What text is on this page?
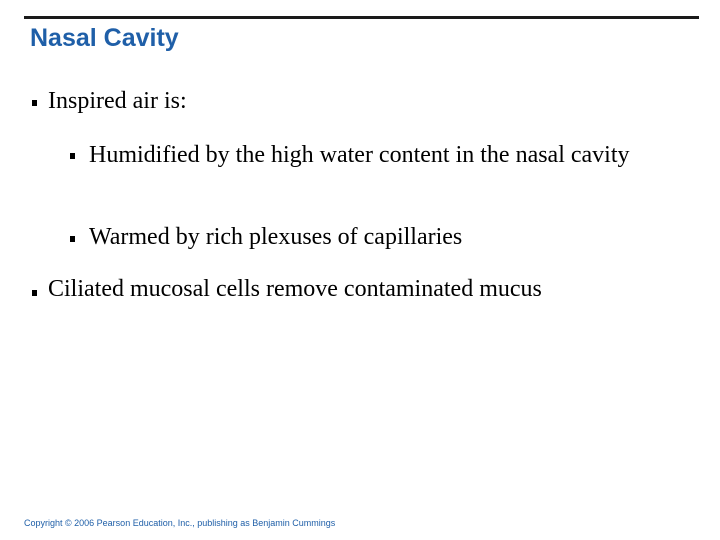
Nasal Cavity
Inspired air is:
Humidified by the high water content in the nasal cavity
Warmed by rich plexuses of capillaries
Ciliated mucosal cells remove contaminated mucus
Copyright © 2006 Pearson Education, Inc., publishing as Benjamin Cummings
